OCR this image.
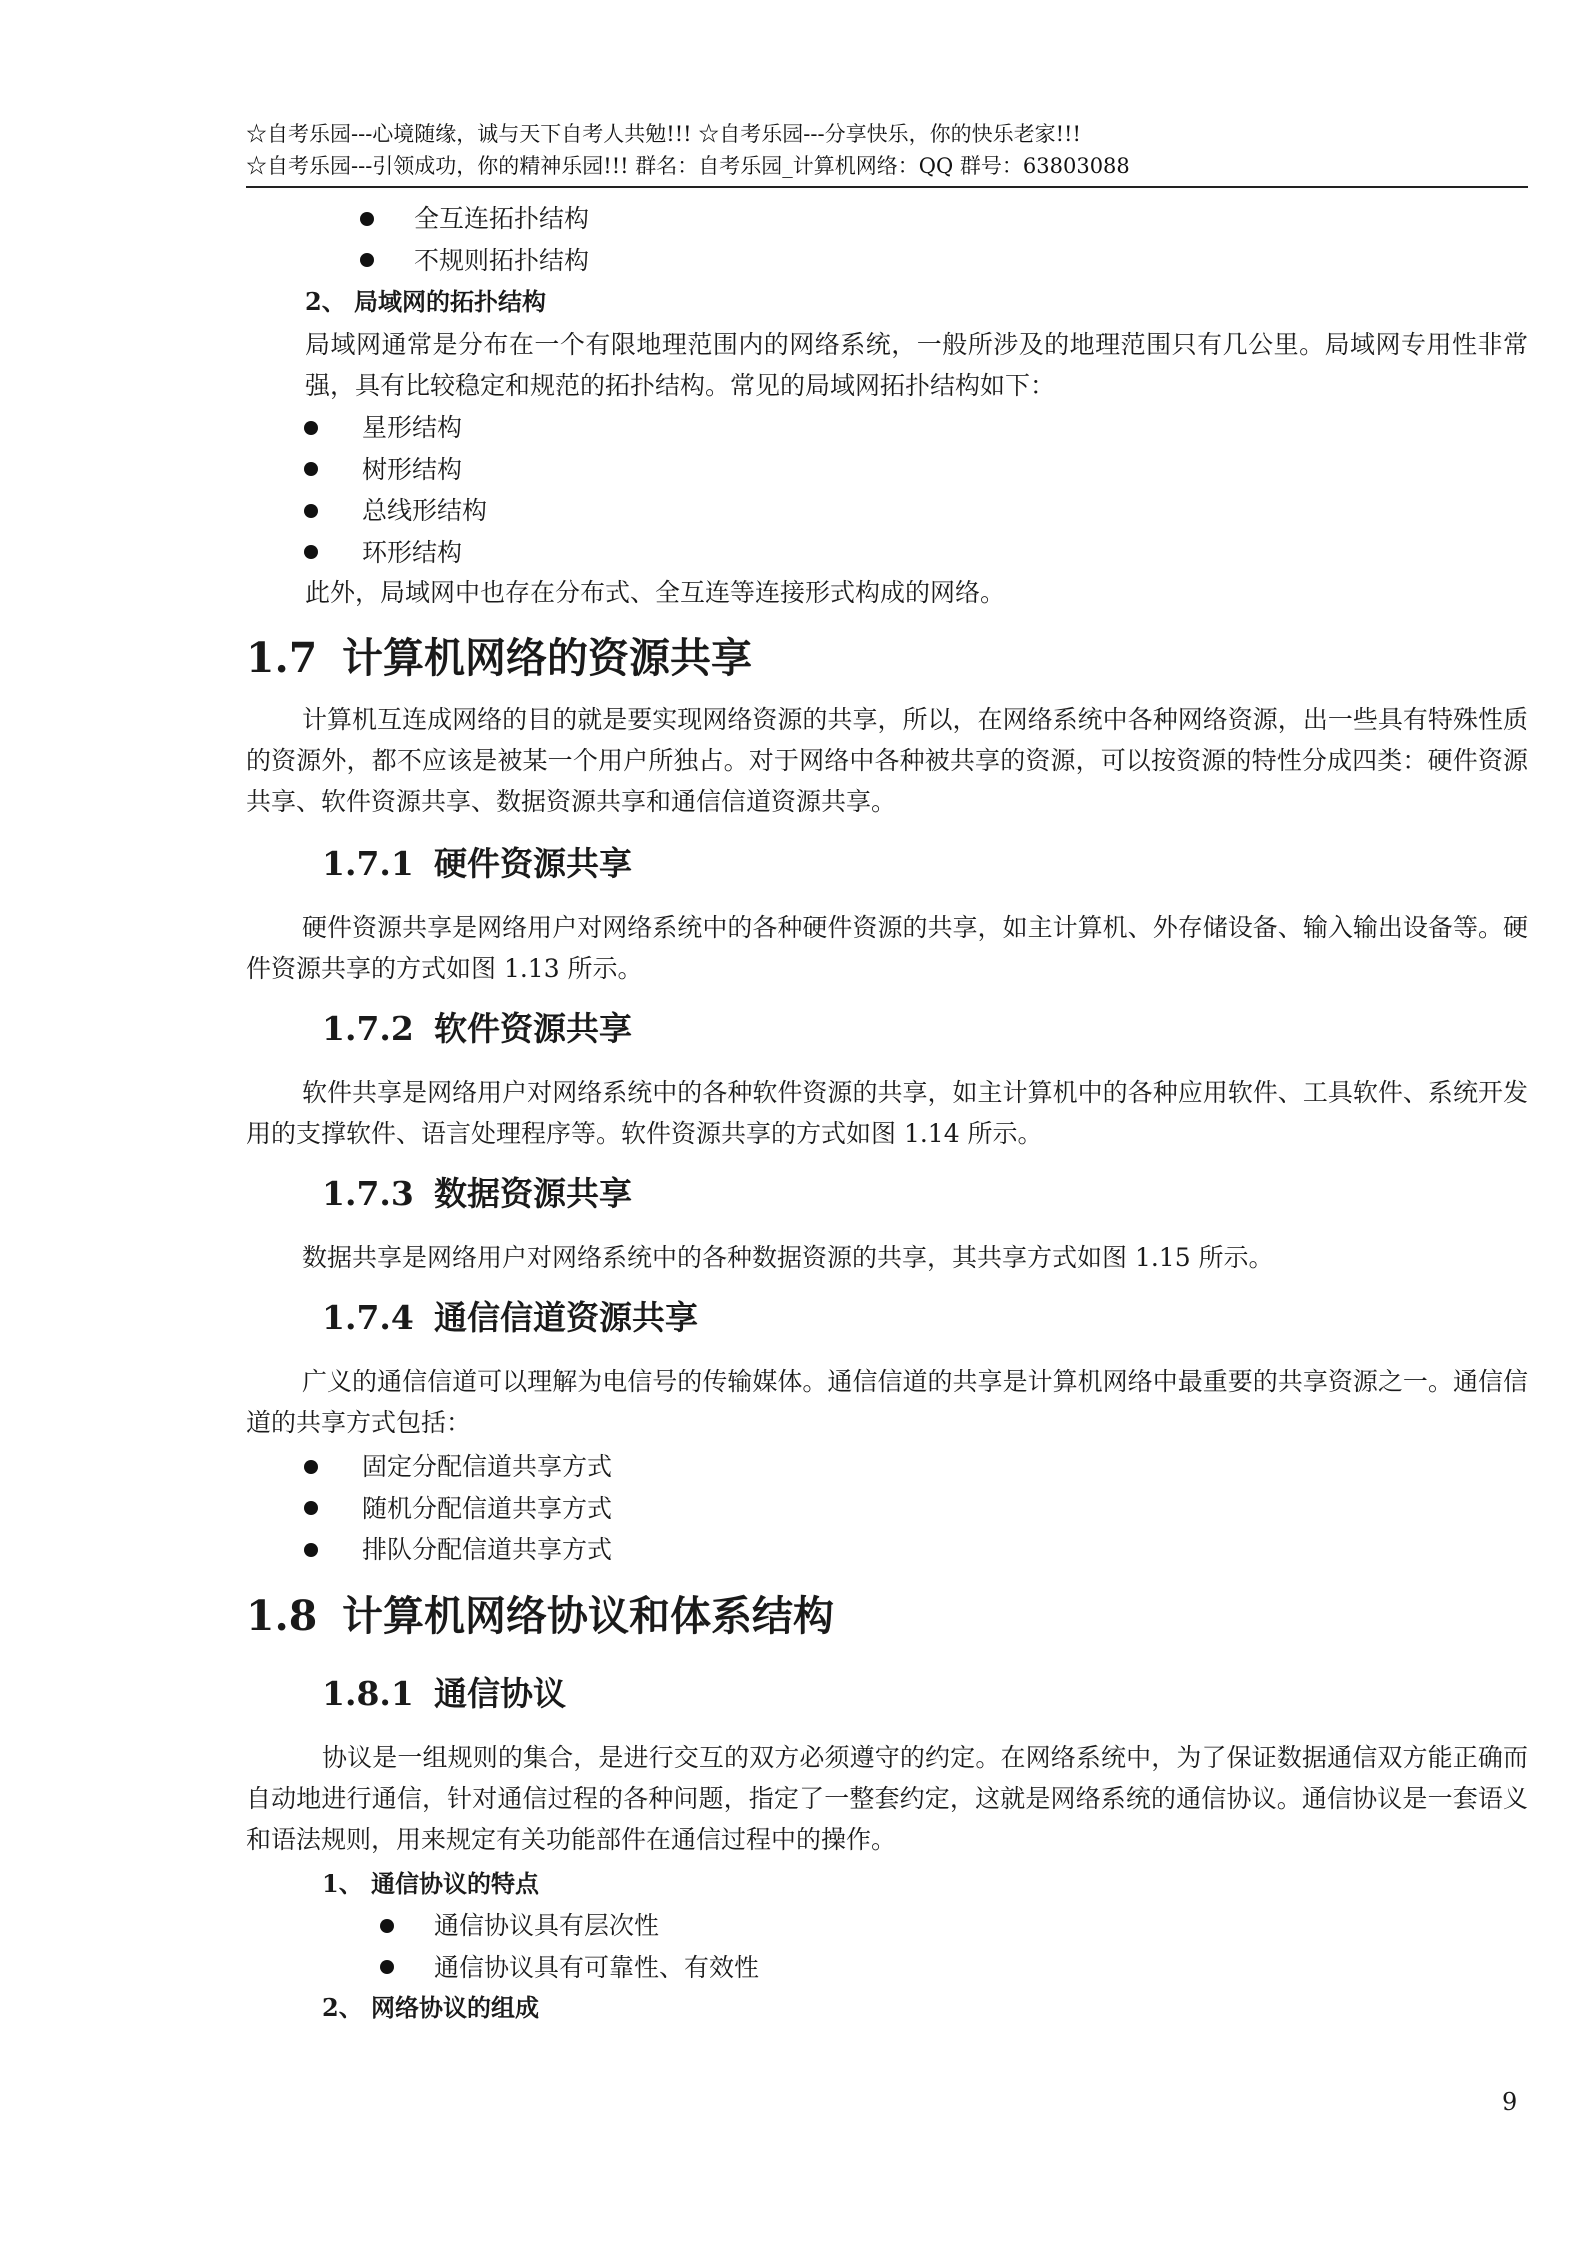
☆自考乐园---心境随缘，诚与天下自考人共勉!!! ☆自考乐园---分享快乐，你的快乐老家!!!
☆自考乐园---引领成功，你的精神乐园!!! 群名：自考乐园_计算机网络：QQ 群号：63803088
全互连拓扑结构
不规则拓扑结构
2、 局域网的拓扑结构
局域网通常是分布在一个有限地理范围内的网络系统，一般所涉及的地理范围只有几公里。局域网专用性非常强，具有比较稳定和规范的拓扑结构。常见的局域网拓扑结构如下：
星形结构
树形结构
总线形结构
环形结构
此外，局域网中也存在分布式、全互连等连接形式构成的网络。
1.7 计算机网络的资源共享
计算机互连成网络的目的就是要实现网络资源的共享，所以，在网络系统中各种网络资源，出一些具有特殊性质的资源外，都不应该是被某一个用户所独占。对于网络中各种被共享的资源，可以按资源的特性分成四类：硬件资源共享、软件资源共享、数据资源共享和通信信道资源共享。
1.7.1 硬件资源共享
硬件资源共享是网络用户对网络系统中的各种硬件资源的共享，如主计算机、外存储设备、输入输出设备等。硬件资源共享的方式如图 1.13 所示。
1.7.2 软件资源共享
软件共享是网络用户对网络系统中的各种软件资源的共享，如主计算机中的各种应用软件、工具软件、系统开发用的支撑软件、语言处理程序等。软件资源共享的方式如图 1.14 所示。
1.7.3 数据资源共享
数据共享是网络用户对网络系统中的各种数据资源的共享，其共享方式如图 1.15 所示。
1.7.4 通信信道资源共享
广义的通信信道可以理解为电信号的传输媒体。通信信道的共享是计算机网络中最重要的共享资源之一。通信信道的共享方式包括：
固定分配信道共享方式
随机分配信道共享方式
排队分配信道共享方式
1.8 计算机网络协议和体系结构
1.8.1 通信协议
协议是一组规则的集合，是进行交互的双方必须遵守的约定。在网络系统中，为了保证数据通信双方能正确而自动地进行通信，针对通信过程的各种问题，指定了一整套约定，这就是网络系统的通信协议。通信协议是一套语义和语法规则，用来规定有关功能部件在通信过程中的操作。
1、 通信协议的特点
通信协议具有层次性
通信协议具有可靠性、有效性
2、 网络协议的组成
9
